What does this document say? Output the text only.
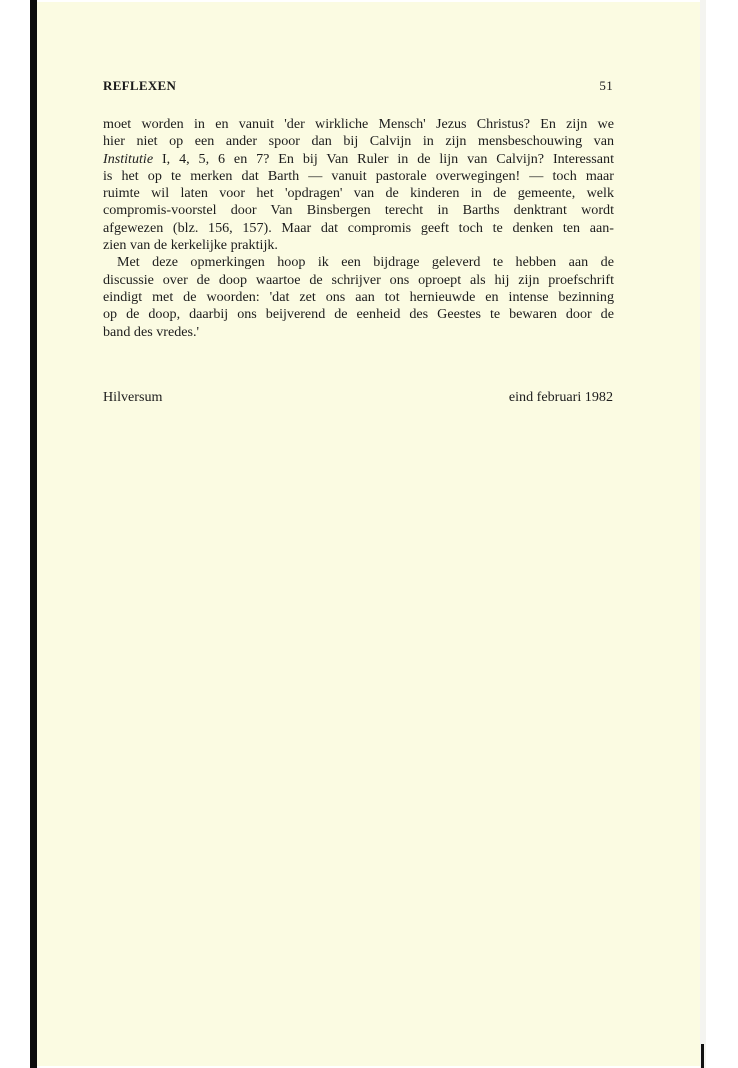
REFLEXEN	51
moet worden in en vanuit 'der wirkliche Mensch' Jezus Christus? En zijn we
hier niet op een ander spoor dan bij Calvijn in zijn mensbeschouwing van
Institutie I, 4, 5, 6 en 7? En bij Van Ruler in de lijn van Calvijn? Interessant
is het op te merken dat Barth — vanuit pastorale overwegingen! — toch maar
ruimte wil laten voor het 'opdragen' van de kinderen in de gemeente, welk
compromis-voorstel door Van Binsbergen terecht in Barths denktrant wordt
afgewezen (blz. 156, 157). Maar dat compromis geeft toch te denken ten aan-
zien van de kerkelijke praktijk.
Met deze opmerkingen hoop ik een bijdrage geleverd te hebben aan de
discussie over de doop waartoe de schrijver ons oproept als hij zijn proefschrift
eindigt met de woorden: 'dat zet ons aan tot hernieuwde en intense bezinning
op de doop, daarbij ons beijverend de eenheid des Geestes te bewaren door de
band des vredes.'
Hilversum	eind februari 1982
